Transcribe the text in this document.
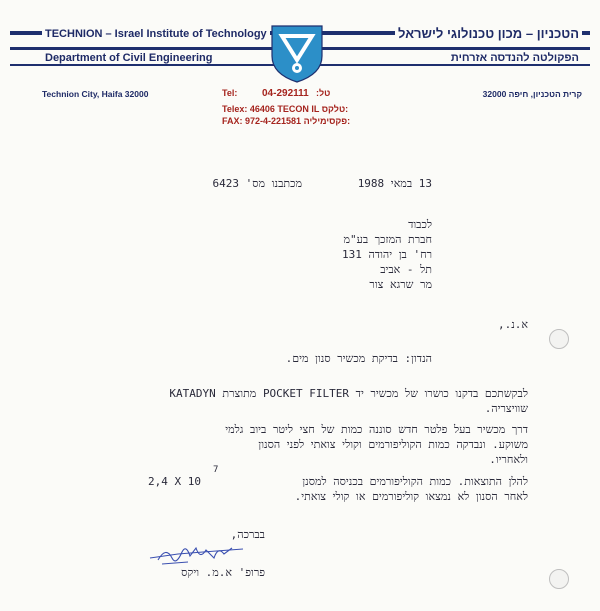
TECHNION – Israel Institute of Technology	הטכניון – מכון טכנולוגי לישראל
Department of Civil Engineering	הפקולטה להנדסה אזרחית
Technion City, Haifa 32000	Tel: 04-292111 טל:
Telex: 46406 TECON IL טלקס:
FAX: 972-4-221581 פקסימיליה:
קרית הטכניון, חיפה 32000
13 במאי 1988
מכתבנו מס' 6423
לכבוד
חברת המזכך בע"מ
רח' בן יהודה 131
תל - אביב
מר שרגא צור
א.נ.,
הנדון: בדיקת מכשיר סנון מים.
לבקשתכם בדקנו כושרו של מכשיר יד POCKET FILTER מתוצרת KATADYN
שוויצריה.
דרך מכשיר בעל פלטר חדש סוננה כמות של חצי ליטר ביוב גלמי
משוקע. ונבדקה כמות הקוליפורמים וקולי צואתי לפני הסנון
ולאחריו.
להלן התוצאות. כמות הקוליפורמים בכניסה למסנן
2,4 X 10
7
לאחר הסנון לא נמצאו קוליפורמים או קולי צואתי.
בברכה,
פרופ' א.מ. ויקס
